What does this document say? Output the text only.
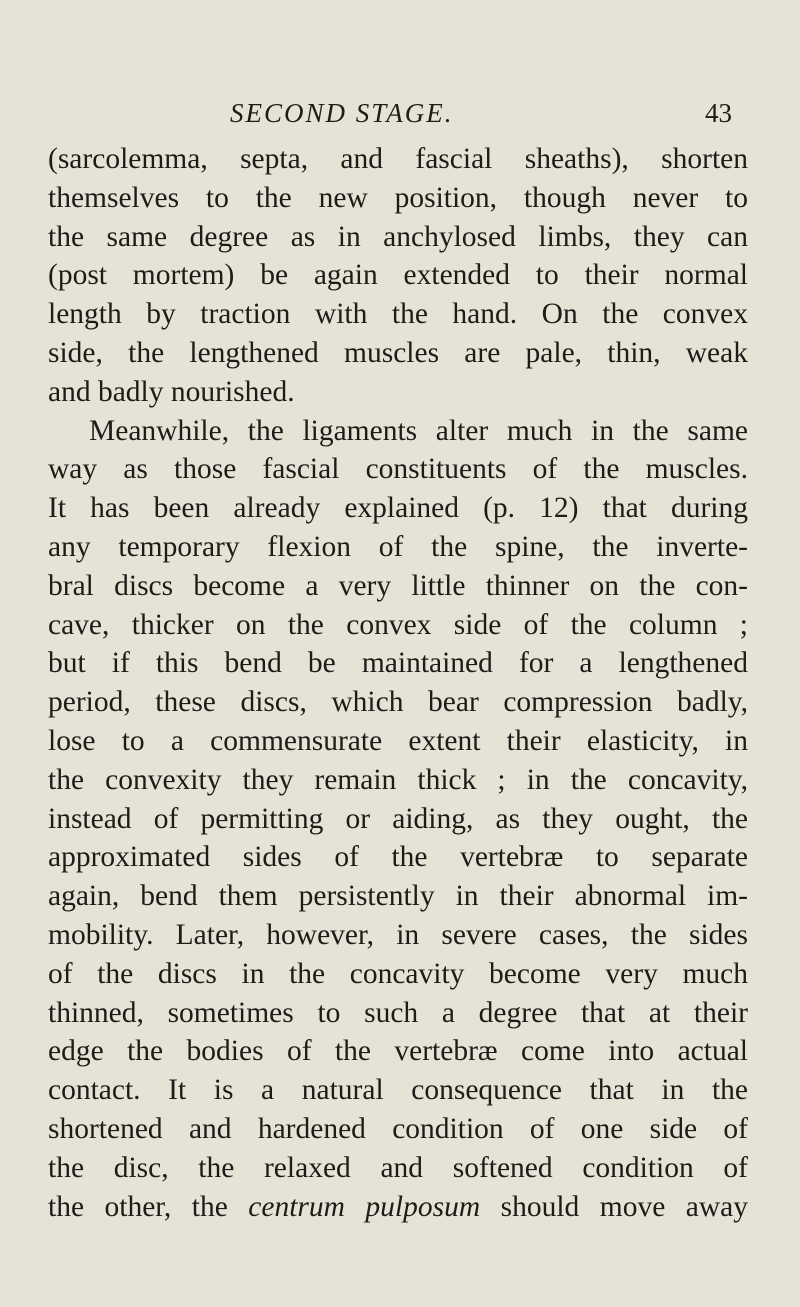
SECOND STAGE.	43
(sarcolemma, septa, and fascial sheaths), shorten
themselves to the new position, though never to
the same degree as in anchylosed limbs, they can
(post mortem) be again extended to their normal
length by traction with the hand. On the convex
side, the lengthened muscles are pale, thin, weak
and badly nourished.
Meanwhile, the ligaments alter much in the same
way as those fascial constituents of the muscles.
It has been already explained (p. 12) that during
any temporary flexion of the spine, the inverte-
bral discs become a very little thinner on the con-
cave, thicker on the convex side of the column ;
but if this bend be maintained for a lengthened
period, these discs, which bear compression badly,
lose to a commensurate extent their elasticity, in
the convexity they remain thick ; in the concavity,
instead of permitting or aiding, as they ought, the
approximated sides of the vertebræ to separate
again, bend them persistently in their abnormal im-
mobility. Later, however, in severe cases, the sides
of the discs in the concavity become very much
thinned, sometimes to such a degree that at their
edge the bodies of the vertebræ come into actual
contact. It is a natural consequence that in the
shortened and hardened condition of one side of
the disc, the relaxed and softened condition of
the other, the centrum pulposum should move away
